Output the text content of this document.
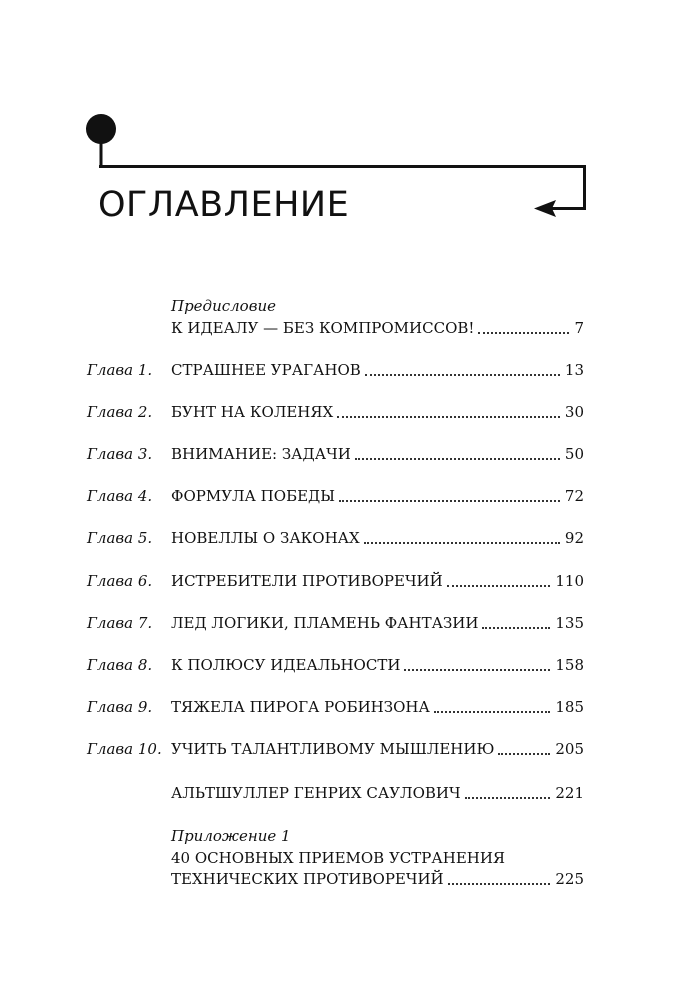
ОГЛАВЛЕНИЕ
Предисловие
К ИДЕАЛУ — БЕЗ КОМПРОМИССОВ!	7
Глава 1. СТРАШНЕЕ УРАГАНОВ	13
Глава 2. БУНТ НА КОЛЕНЯХ	30
Глава 3. ВНИМАНИЕ: ЗАДАЧИ	50
Глава 4. ФОРМУЛА ПОБЕДЫ	72
Глава 5. НОВЕЛЛЫ О ЗАКОНАХ	92
Глава 6. ИСТРЕБИТЕЛИ ПРОТИВОРЕЧИЙ	110
Глава 7. ЛЕД ЛОГИКИ, ПЛАМЕНЬ ФАНТАЗИИ	135
Глава 8. К ПОЛЮСУ ИДЕАЛЬНОСТИ	158
Глава 9. ТЯЖЕЛА ПИРОГА РОБИНЗОНА	185
Глава 10. УЧИТЬ ТАЛАНТЛИВОМУ МЫШЛЕНИЮ	205
АЛЬТШУЛЛЕР ГЕНРИХ САУЛОВИЧ	221
Приложение 1
40 ОСНОВНЫХ ПРИЕМОВ УСТРАНЕНИЯ
ТЕХНИЧЕСКИХ ПРОТИВОРЕЧИЙ	225
